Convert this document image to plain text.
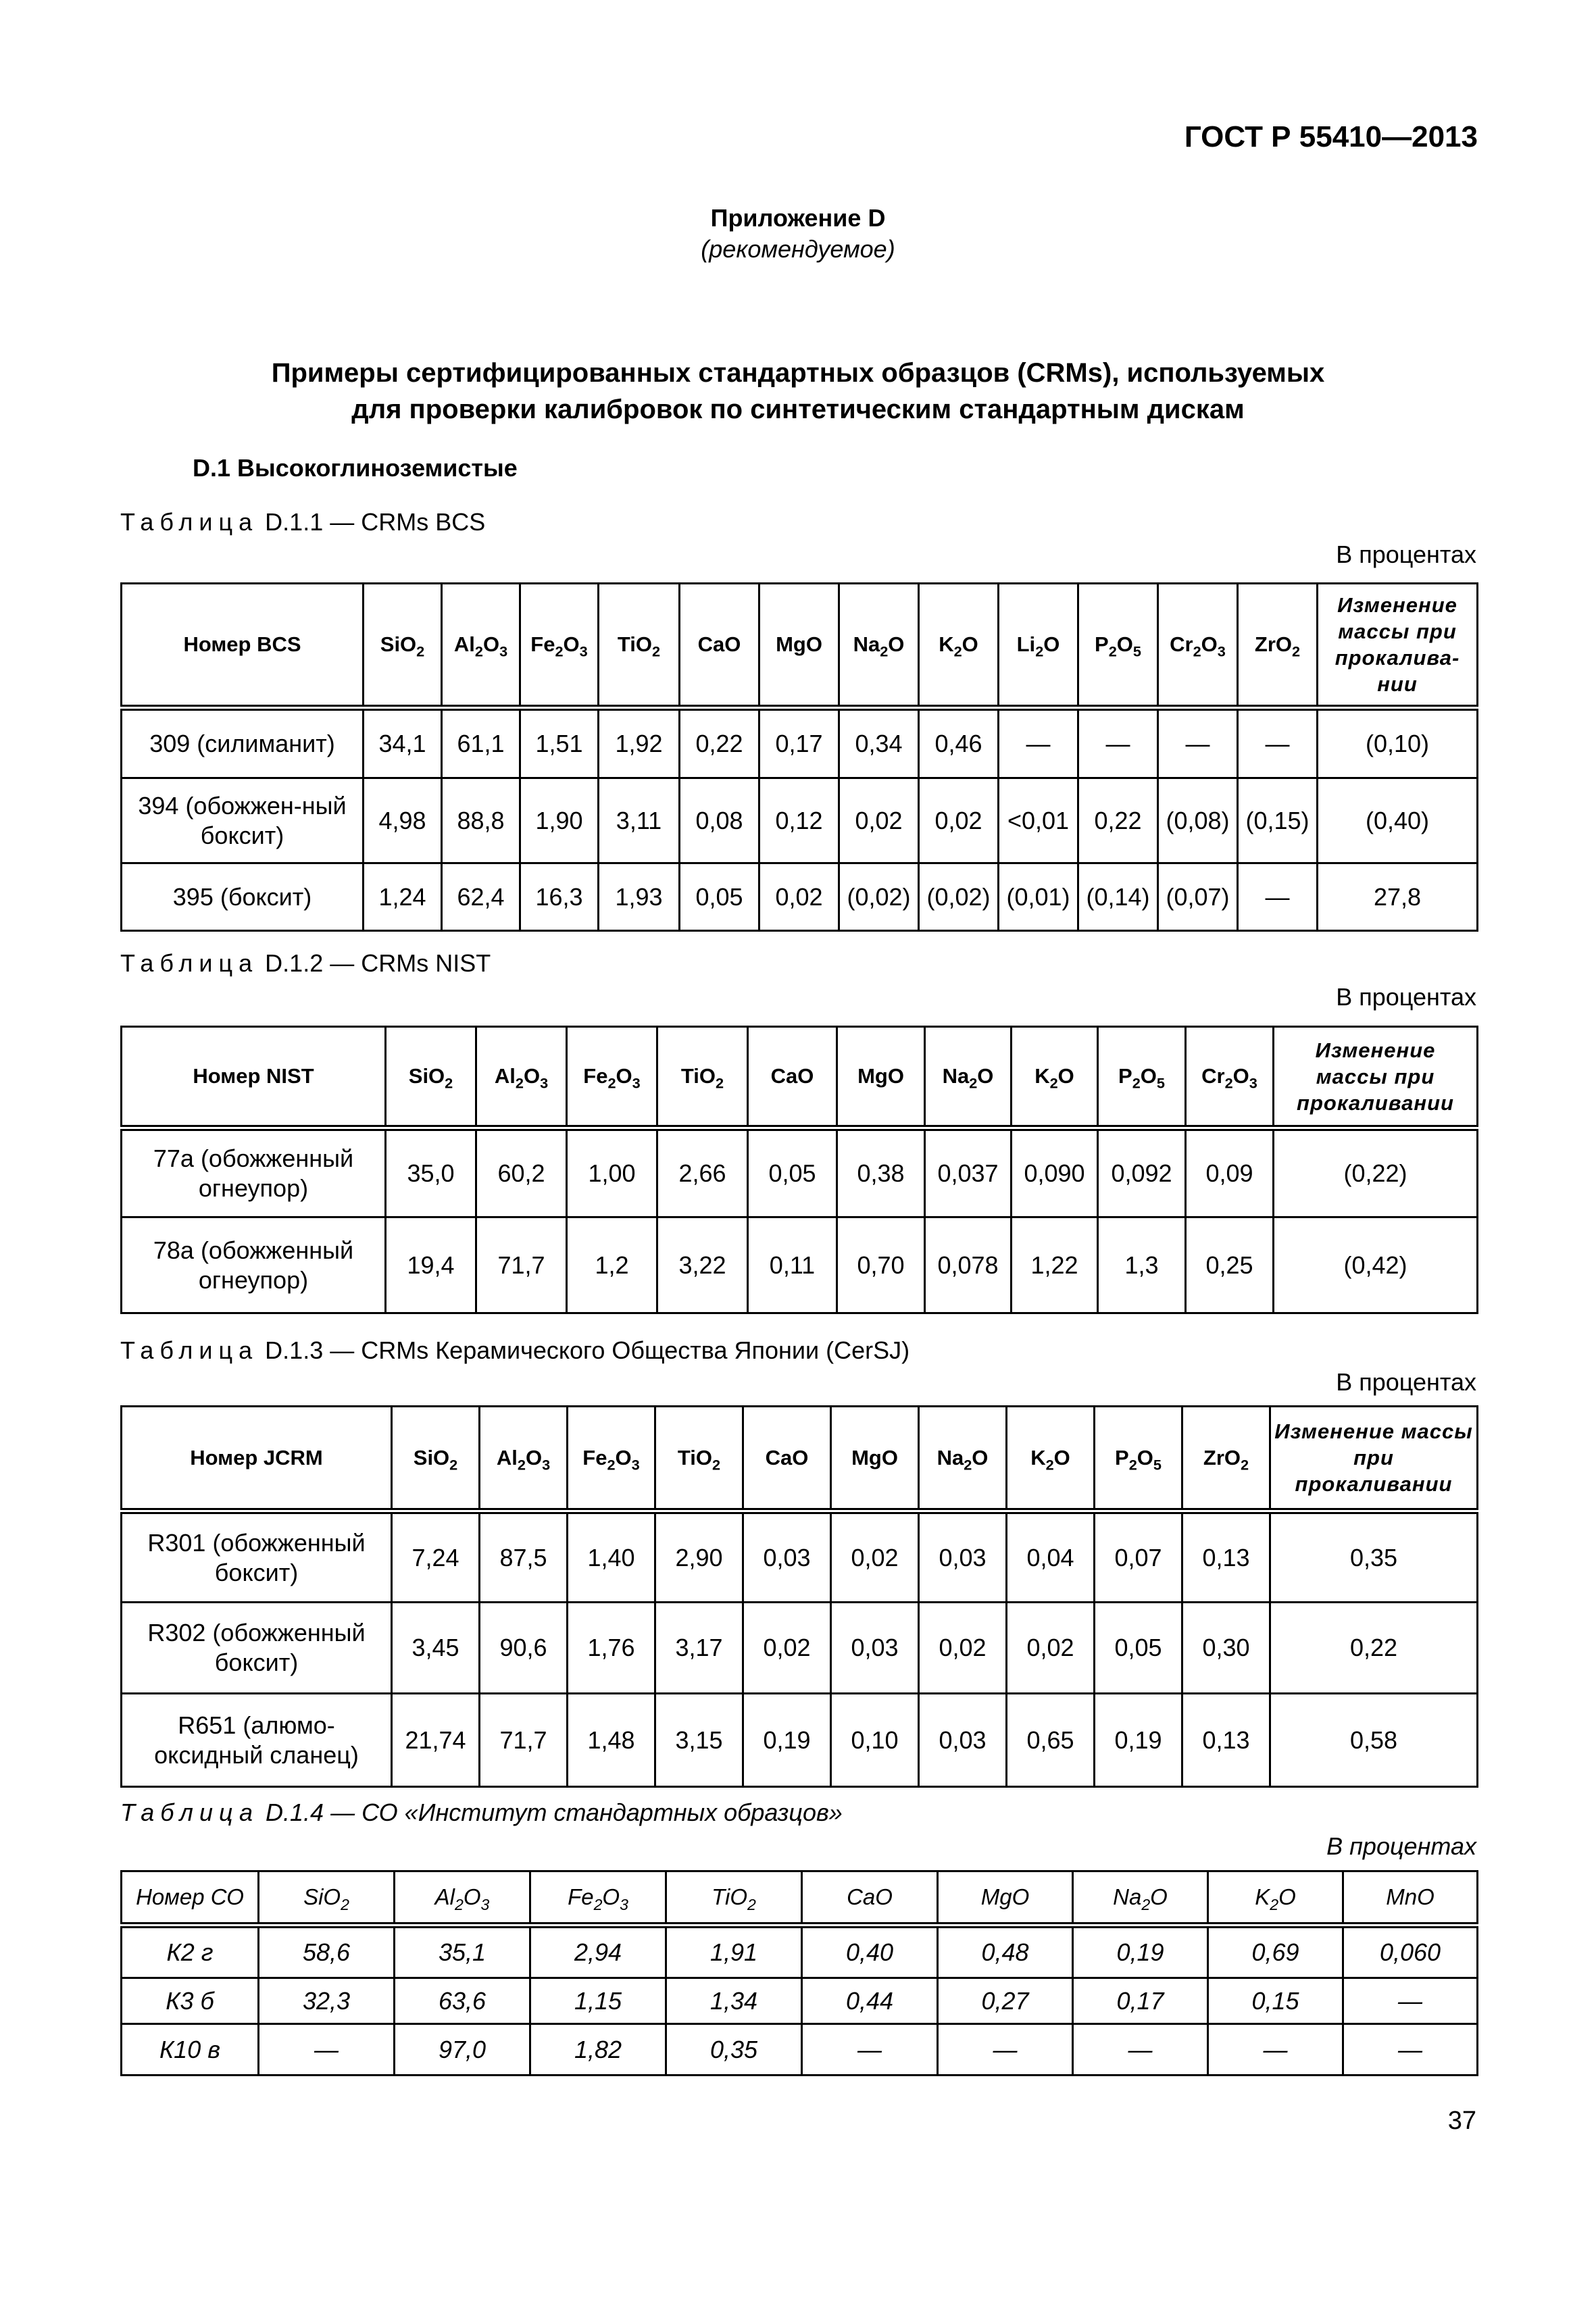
ГОСТ Р 55410—2013
Приложение D
(рекомендуемое)
Примеры сертифицированных стандартных образцов (CRMs), используемых
для проверки калибровок по синтетическим стандартным дискам
D.1 Высокоглиноземистые
Таблица D.1.1 — CRMs BCS
В процентах
Номер BCS	SiO$_2$	$Al_2O_3$	$Fe_2O_3$	TiO$_2$	CaO	MgO	$Na_2O$	$K_2O$	$Li_2O$	$P_2O_5$	$Cr_2O_3$	ZrO$_2$	Изменение массы при прокалива-нии
309 (силиманит)	34,1	61,1	1,51	1,92	0,22	0,17	0,34	0,46	—	—	—	—	(0,10)
394 (обожжен-ный боксит)	4,98	88,8	1,90	3,11	0,08	0,12	0,02	0,02	<0,01	0,22	(0,08)	(0,15)	(0,40)
395 (боксит)	1,24	62,4	16,3	1,93	0,05	0,02	(0,02)	(0,02)	(0,01)	(0,14)	(0,07)	—	27,8
Таблица D.1.2 — CRMs NIST
В процентах
Номер NIST	SiO$_2$	$Al_2O_3$	$Fe_2O_3$	TiO$_2$	CaO	MgO	$Na_2O$	$K_2O$	$P_2O_5$	$Cr_2O_3$	Изменение массы при прокаливании
77а (обожженный огнеупор)	35,0	60,2	1,00	2,66	0,05	0,38	0,037	0,090	0,092	0,09	(0,22)
78а (обожженный огнеупор)	19,4	71,7	1,2	3,22	0,11	0,70	0,078	1,22	1,3	0,25	(0,42)
Таблица D.1.3 — CRMs Керамического Общества Японии (CerSJ)
В процентах
Номер JCRM	SiO$_2$	$Al_2O_3$	$Fe_2O_3$	TiO$_2$	CaO	MgO	$Na_2O$	$K_2O$	$P_2O_5$	ZrO$_2$	Изменение массы при прокаливании
R301 (обожженный боксит)	7,24	87,5	1,40	2,90	0,03	0,02	0,03	0,04	0,07	0,13	0,35
R302 (обожженный боксит)	3,45	90,6	1,76	3,17	0,02	0,03	0,02	0,02	0,05	0,30	0,22
R651 (алюмо-оксидный сланец)	21,74	71,7	1,48	3,15	0,19	0,10	0,03	0,65	0,19	0,13	0,58
Таблица D.1.4 — СО «Институт стандартных образцов»
В процентах
Номер СО	SiO$_2$	$Al_2O_3$	$Fe_2O_3$	TiO$_2$	CaO	MgO	$Na_2O$	$K_2O$	MnO
К2 г	58,6	35,1	2,94	1,91	0,40	0,48	0,19	0,69	0,060
К3 б	32,3	63,6	1,15	1,34	0,44	0,27	0,17	0,15	—
К10 в	—	97,0	1,82	0,35	—	—	—	—	—
37
